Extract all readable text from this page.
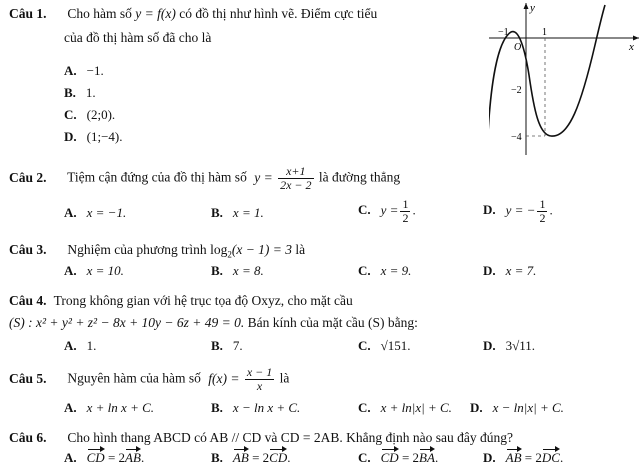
Câu 1. Cho hàm số y = f(x) có đồ thị như hình vẽ. Điểm cực tiểu
của đồ thị hàm số đã cho là
A. −1.
B. 1.
C. (2;0).
D. (1;−4).
y
x
O
−1	1
−2
−4
Câu 2. Tiệm cận đứng của đồ thị hàm số $y = \frac{x+1}{2x - 2}$ là đường thẳng
A. x = −1.	B. x = 1.	C. $y = \frac{1}{2}$ .	D. y = − $\frac{1}{2}$ .
Câu 3. Nghiệm của phương trình $\log_2(x - 1) = 3$ là
A. x = 10.	B. x = 8.	C. x = 9.	D. x = 7.
Câu 4. Trong không gian với hệ trục tọa độ Oxyz, cho mặt cầu
(S) : x² + y² + z² − 8x + 10y − 6z + 49 = 0. Bán kính của mặt cầu (S) bằng:
A. 1.	B. 7.	C. √151.	D. 3√11.
Câu 5. Nguyên hàm của hàm số $f(x) = \frac{x - 1}{x}$ là
A. x + ln x + C.	B. x − ln x + C.	C. x + ln|x| + C. D. x − ln|x| + C.
Câu 6. Cho hình thang ABCD có AB // CD và CD = 2AB. Khẳng định nào sau đây đúng?
A. CD = 2AB.	B. AB = 2CD.	C. CD = 2BA.	D. AB = 2DC.
